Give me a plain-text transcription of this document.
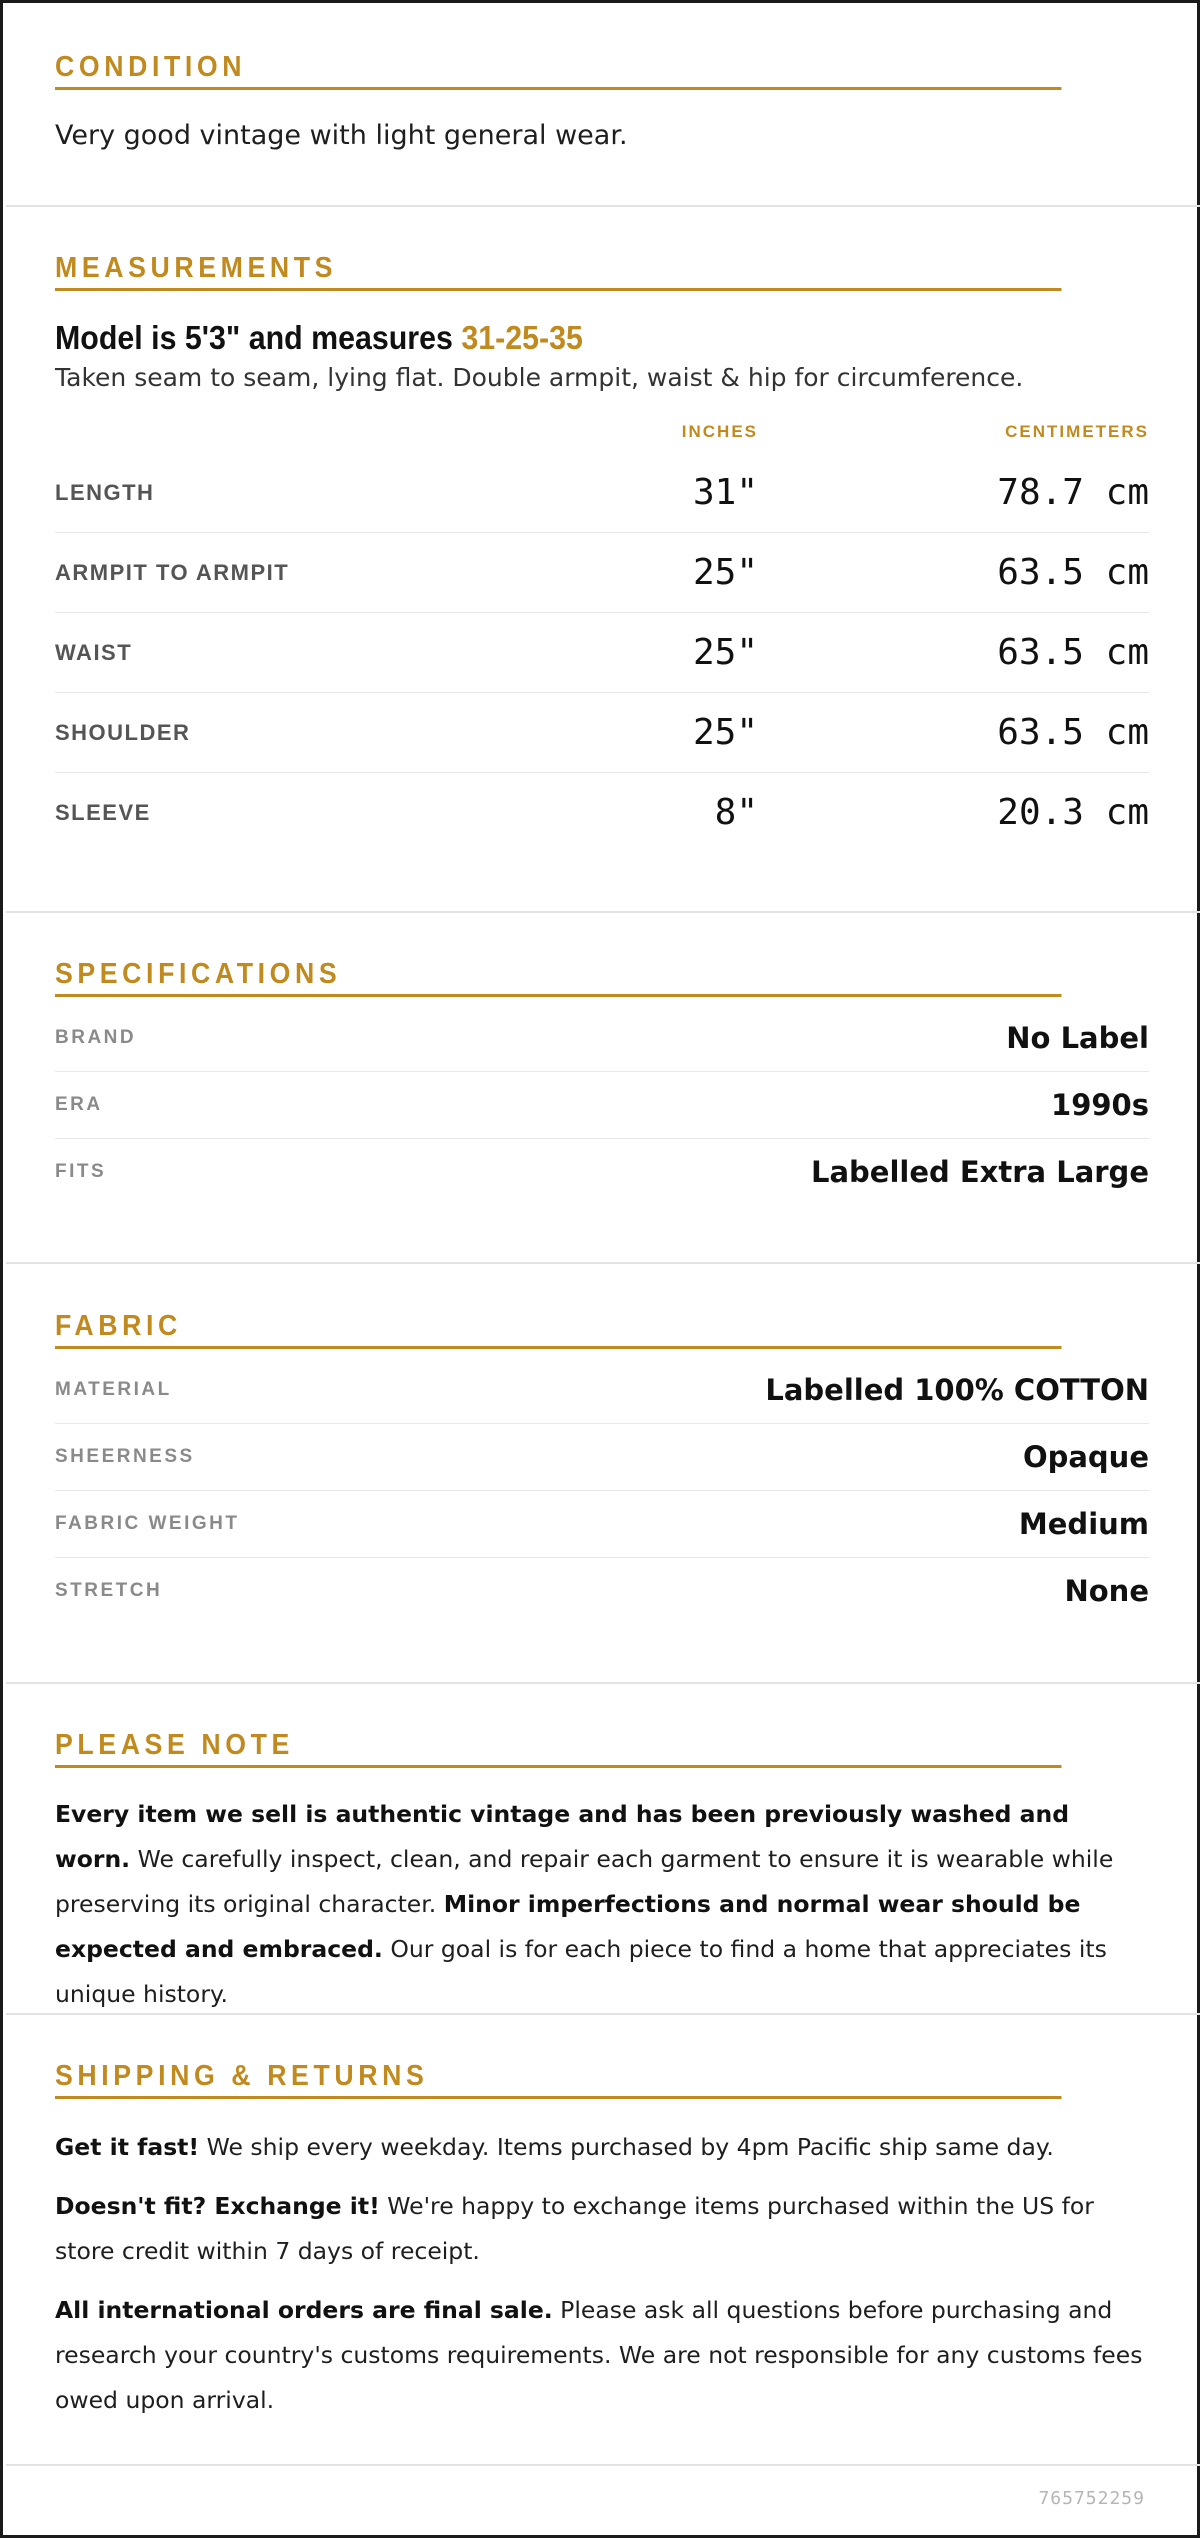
CONDITION
Very good vintage with light general wear.
MEASUREMENTS
Model is 5'3" and measures 31-25-35
Taken seam to seam, lying flat. Double armpit, waist & hip for circumference.
INCHES	CENTIMETERS
LENGTH	31"	78.7 cm
ARMPIT TO ARMPIT	25"	63.5 cm
WAIST	25"	63.5 cm
SHOULDER	25"	63.5 cm
SLEEVE	8"	20.3 cm
SPECIFICATIONS
BRAND	No Label
ERA	1990s
FITS	Labelled Extra Large
FABRIC
MATERIAL	Labelled 100% COTTON
SHEERNESS	Opaque
FABRIC WEIGHT	Medium
STRETCH	None
PLEASE NOTE

Every item we sell is authentic vintage and has been previously washed and worn. We carefully inspect, clean, and repair each garment to ensure it is wearable while preserving its original character. Minor imperfections and normal wear should be expected and embraced. Our goal is for each piece to find a home that appreciates its unique history.

SHIPPING & RETURNS

Get it fast! We ship every weekday. Items purchased by 4pm Pacific ship same day.

Doesn't fit? Exchange it! We're happy to exchange items purchased within the US for store credit within 7 days of receipt.

All international orders are final sale. Please ask all questions before purchasing and research your country's customs requirements. We are not responsible for any customs fees owed upon arrival.

765752259
